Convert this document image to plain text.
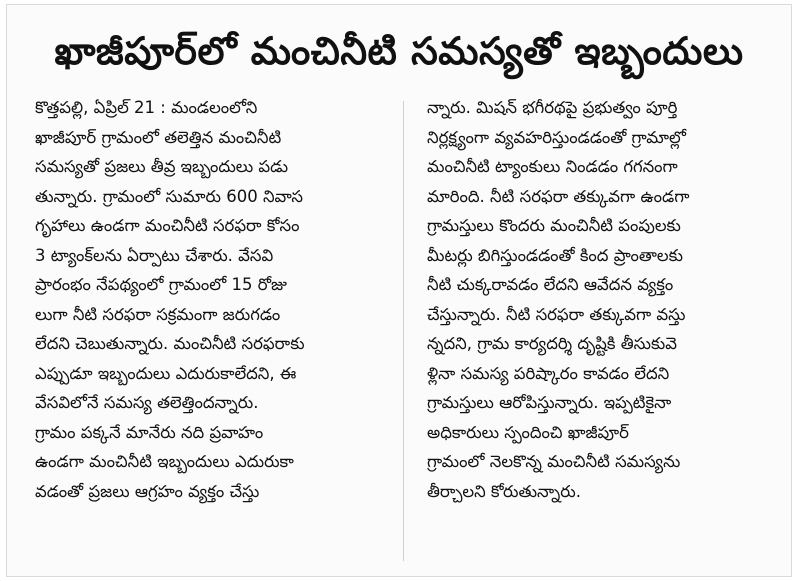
ఖాజీపూర్‌లో మంచినీటి సమస్యతో ఇబ్బందులు
కొత్తపల్లి, ఏప్రిల్ 21 : మండలంలోని
ఖాజీపూర్ గ్రామంలో తలెత్తిన మంచినీటి
సమస్యతో ప్రజలు తీవ్ర ఇబ్బందులు పడు
తున్నారు. గ్రామంలో సుమారు 600 నివాస
గృహాలు ఉండగా మంచినీటి సరఫరా కోసం
3 ట్యాంక్‌లను ఏర్పాటు చేశారు. వేసవి
ప్రారంభం నేపథ్యంలో గ్రామంలో 15 రోజు
లుగా నీటి సరఫరా సక్రమంగా జరుగడం
లేదని చెబుతున్నారు. మంచినీటి సరఫరాకు
ఎప్పుడూ ఇబ్బందులు ఎదురుకాలేదని, ఈ
వేసవిలోనే సమస్య తలెత్తిందన్నారు.
గ్రామం పక్కనే మానేరు నది ప్రవాహం
ఉండగా మంచినీటి ఇబ్బందులు ఎదురుకా
వడంతో ప్రజలు ఆగ్రహం వ్యక్తం చేస్తు
న్నారు. మిషన్ భగీరథపై ప్రభుత్వం పూర్తి
నిర్లక్ష్యంగా వ్యవహరిస్తుండడంతో గ్రామాల్లో
మంచినీటి ట్యాంకులు నిండడం గగనంగా
మారింది. నీటి సరఫరా తక్కువగా ఉండగా
గ్రామస్తులు కొందరు మంచినీటి పంపులకు
మీటర్లు బిగిస్తుండడంతో కింద ప్రాంతాలకు
నీటి చుక్కరావడం లేదని ఆవేదన వ్యక్తం
చేస్తున్నారు. నీటి సరఫరా తక్కువగా వస్తు
న్నదని, గ్రామ కార్యదర్శి దృష్టికి తీసుకువె
ళ్లినా సమస్య పరిష్కారం కావడం లేదని
గ్రామస్తులు ఆరోపిస్తున్నారు. ఇప్పటికైనా
అధికారులు స్పందించి ఖాజీపూర్
గ్రామంలో నెలకొన్న మంచినీటి సమస్యను
తీర్చాలని కోరుతున్నారు.
